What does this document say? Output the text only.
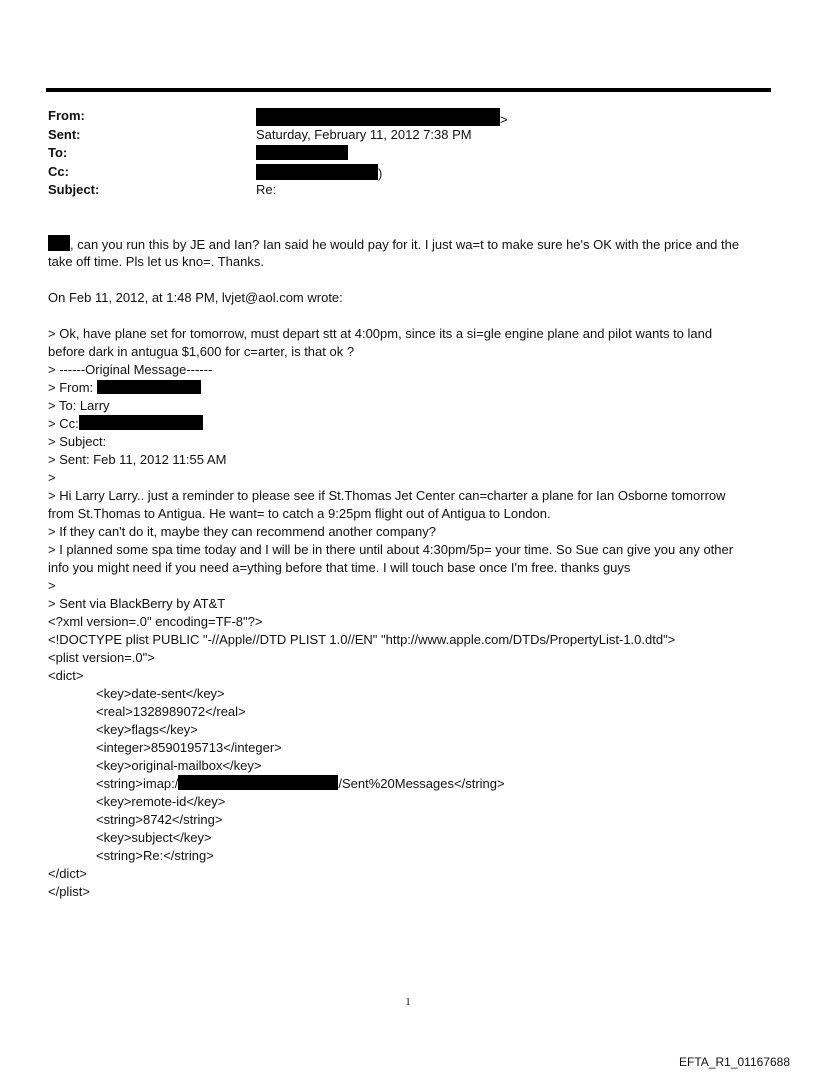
From:	>
Sent:	Saturday, February 11, 2012 7:38 PM
To:
Cc:	)
Subject:	Re:
, can you run this by JE and Ian? Ian said he would pay for it. I just wa=t to make sure he's OK with the price and the
take off time. Pls let us kno=. Thanks.
On Feb 11, 2012, at 1:48 PM, lvjet@aol.com wrote:
> Ok, have plane set for tomorrow, must depart stt at 4:00pm, since its a si=gle engine plane and pilot wants to land
before dark in antugua $1,600 for c=arter, is that ok ?
> ------Original Message------
> From:
> To: Larry
> Cc:
> Subject:
> Sent: Feb 11, 2012 11:55 AM
>
> Hi Larry Larry.. just a reminder to please see if St.Thomas Jet Center can=charter a plane for Ian Osborne tomorrow
from St.Thomas to Antigua. He want= to catch a 9:25pm flight out of Antigua to London.
> If they can't do it, maybe they can recommend another company?
> I planned some spa time today and I will be in there until about 4:30pm/5p= your time. So Sue can give you any other
info you might need if you need a=ything before that time. I will touch base once I'm free. thanks guys
>
> Sent via BlackBerry by AT&T
<?xml version=.0" encoding=TF-8"?>
<!DOCTYPE plist PUBLIC "-//Apple//DTD PLIST 1.0//EN" "http://www.apple.com/DTDs/PropertyList-1.0.dtd">
<plist version=.0">
<dict>
<key>date-sent</key>
<real>1328989072</real>
<key>flags</key>
<integer>8590195713</integer>
<key>original-mailbox</key>
<string>imap:/	/Sent%20Messages</string>
<key>remote-id</key>
<string>8742</string>
<key>subject</key>
<string>Re:</string>
</dict>
</plist>
1
EFTA_R1_01167688
